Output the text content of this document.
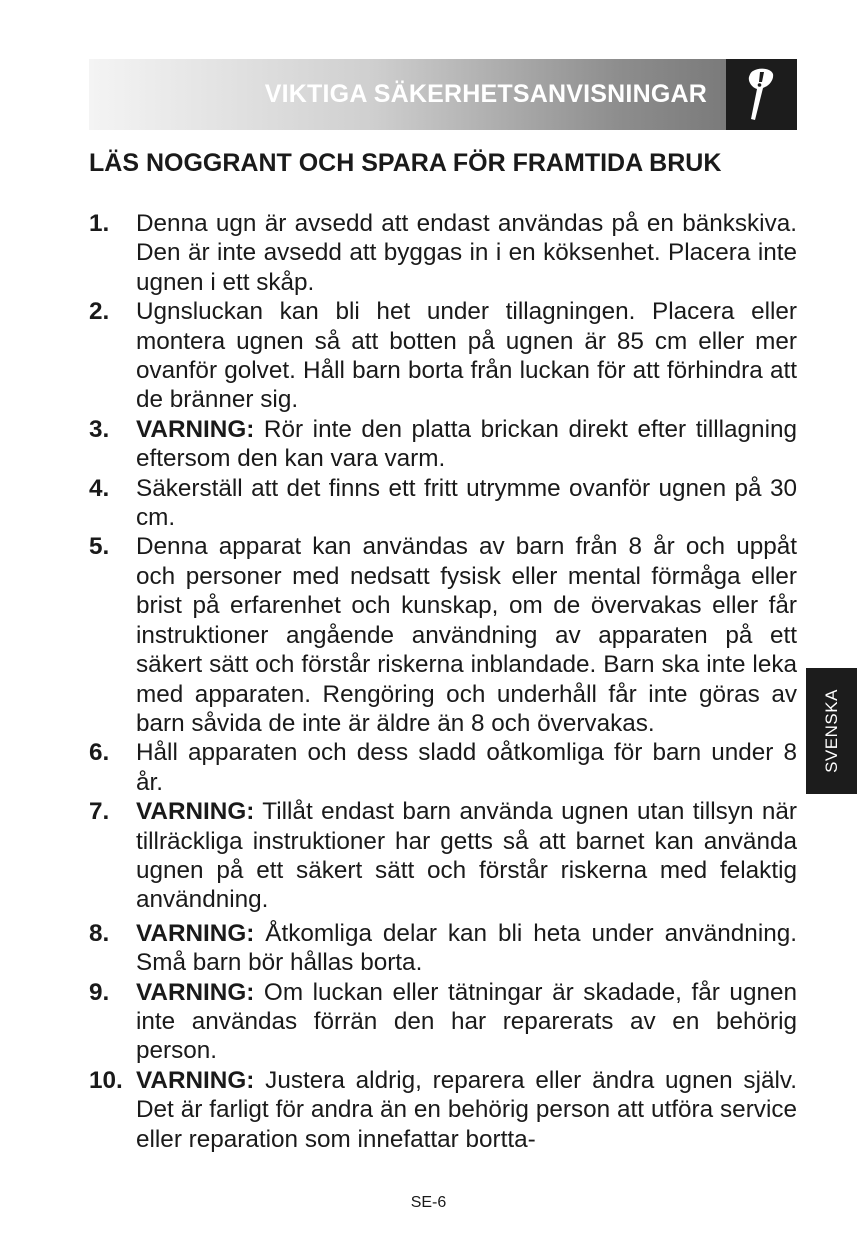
VIKTIGA SÄKERHETSANVISNINGAR
LÄS NOGGRANT OCH SPARA FÖR FRAMTIDA BRUK
1. Denna ugn är avsedd att endast användas på en bänkskiva. Den är inte avsedd att byggas in i en köksenhet. Placera inte ugnen i ett skåp.
2. Ugnsluckan kan bli het under tillagningen. Placera eller montera ugnen så att botten på ugnen är 85 cm eller mer ovanför golvet. Håll barn borta från luckan för att förhindra att de bränner sig.
3. VARNING: Rör inte den platta brickan direkt efter tilllagning eftersom den kan vara varm.
4. Säkerställ att det finns ett fritt utrymme ovanför ugnen på 30 cm.
5. Denna apparat kan användas av barn från 8 år och uppåt och personer med nedsatt fysisk eller mental förmåga eller brist på erfarenhet och kunskap, om de övervakas eller får instruktioner angående användning av apparaten på ett säkert sätt och förstår riskerna inblandade. Barn ska inte leka med apparaten. Rengöring och underhåll får inte göras av barn såvida de inte är äldre än 8 och övervakas.
6. Håll apparaten och dess sladd oåtkomliga för barn under 8 år.
7. VARNING: Tillåt endast barn använda ugnen utan tillsyn när tillräckliga instruktioner har getts så att barnet kan använda ugnen på ett säkert sätt och förstår riskerna med felaktig användning.
8. VARNING: Åtkomliga delar kan bli heta under användning. Små barn bör hållas borta.
9. VARNING: Om luckan eller tätningar är skadade, får ugnen inte användas förrän den har reparerats av en behörig person.
10. VARNING: Justera aldrig, reparera eller ändra ugnen själv. Det är farligt för andra än en behörig person att utföra service eller reparation som innefattar bortta-
SVENSKA
SE-6
